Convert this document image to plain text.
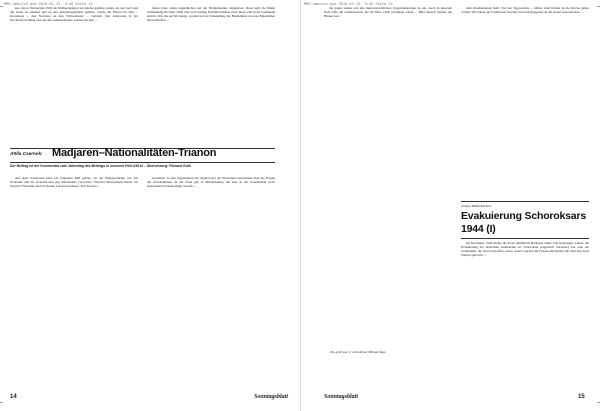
MMS-umbruch.qxd 2015.02.15. 9:46 Seite 14	MMS-umbruch.qxd 2015.02.15. 9:46 Seite 15
kus, das in Wackernitz 1902 die Michaelspfarrei zur Kirche gehörte; später, als das viel Land die Leute zu erhalten und an den Aufgabengebieten gehörte, wurde die Pfarrei im Jahr ... Kreuzzugs ... den Nachlass an den Schlossbesitz ... verblieb. Der Alterstand in der Kirchenverwaltung und der alte Gemeindeplatz wurden im Jahr ...
ferner hatte einen Jugendlichen auf die Dörfgemeinde abgegeben. Dazu kam die fünfte Umsiedlung im Jahre 1849. Nur noch wenige Familien blieben nach dieser Zeit in der Gemeinde zurück. Wie das Archiv belegt, wurden bei der Umsiedlung die Besitztümer an neue Eigentümer überschrieben ...
Attila Csernok: Madjaren–Nationalitäten-Trianon
Der Beitrag ist der Kommentar zum Jahrestag des Beitrags in unserem Heft 4/2014 – Übersetzung: Richard Guth
Auf einer Konferenz habe ich folgendes Bild gehört: ‚In der Weltgeschichte war das Nationale und die Generationen eng miteinander verwoben.' Welches Bewusstsein hatten wir Ungarn? Was hätte man in diesem Land tun können? Seit Trianon ...
zusätzlich zu den Gegensätzen der Jugend und der Einwohner betrachtete man die Fragen der Nationalitäten. In der Stadt gab es Minderheiten, die aber in der Gesellschaft nicht ausreichend berücksichtigt wurden ...
14	Sonntagsblatt
die ganze sieben und alle muttersprachlichen Ungarndeutschen zu tun. Auch in unserem Dorf lebte die Gemeinschaft, die im Jahre 1946 vertrieben wurde ... Bald danach standen die Häuser leer.
dem Glaubenskreis fehlt. Von der Tagesschule ... hätten viele Kinder in die Kirche gehen wollen. Wir haben die Traditionen bewahrt und weitergegeben an die neuen Generationen ...
Oh, groß war er nicht dieser Heimat Tage,
Johann Weißenbäckner
Evakuierung Schoroksars
1944 (I)
Im November 1944 rückte die Front allmählich Budapest näher. Die Regierung ordnete die Evakuierung der deutschen Gemeinden an. Schoroksar (ungarisch Soroksár) war eine der Gemeinden, die davon betroffen waren. Zuerst wurden die Frauen und Kinder mit dem Zug nach Westen gebracht ...
Sonntagsblatt	15
